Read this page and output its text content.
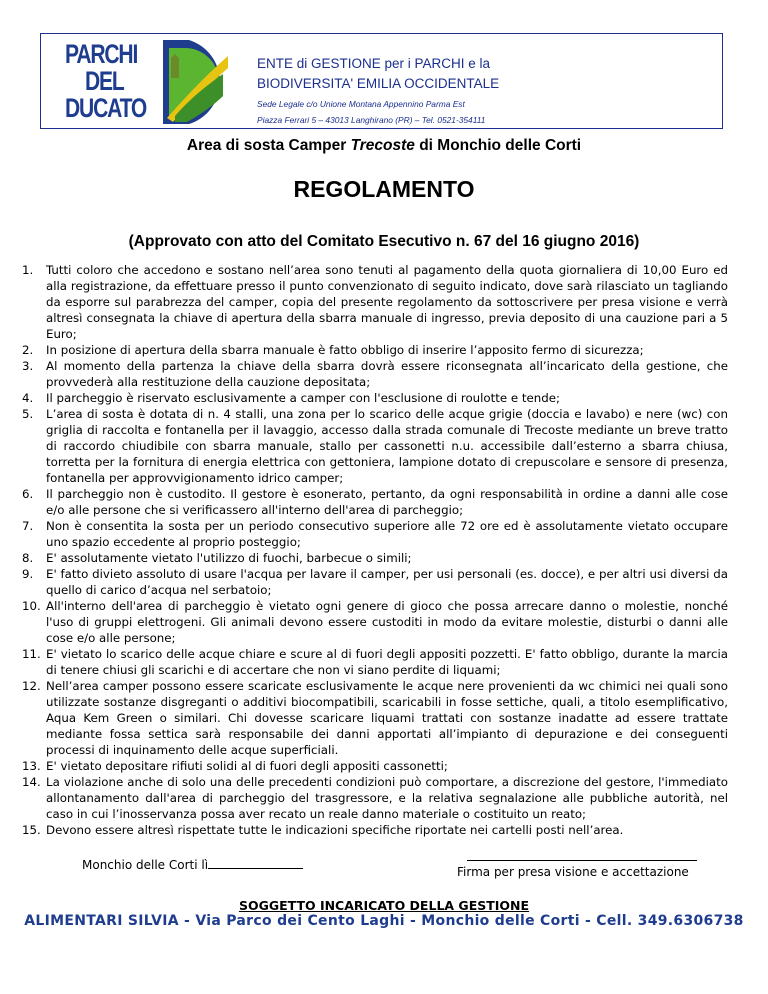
PARCHI
DEL
DUCATO
ENTE di GESTIONE per i PARCHI e la
BIODIVERSITA' EMILIA OCCIDENTALE
Sede Legale c/o Unione Montana Appennino Parma Est
Piazza Ferrari 5 – 43013 Langhirano (PR) – Tel. 0521-354111
Area di sosta Camper Trecoste di Monchio delle Corti
REGOLAMENTO
(Approvato con atto del Comitato Esecutivo n. 67 del 16 giugno 2016)
1. Tutti coloro che accedono e sostano nell’area sono tenuti al pagamento della quota giornaliera di 10,00 Euro ed alla registrazione, da effettuare presso il punto convenzionato di seguito indicato, dove sarà rilasciato un tagliando da esporre sul parabrezza del camper, copia del presente regolamento da sottoscrivere per presa visione e verrà altresì consegnata la chiave di apertura della sbarra manuale di ingresso, previa deposito di una cauzione pari a 5 Euro;
2. In posizione di apertura della sbarra manuale è fatto obbligo di inserire l’apposito fermo di sicurezza;
3. Al momento della partenza la chiave della sbarra dovrà essere riconsegnata all’incaricato della gestione, che provvederà alla restituzione della cauzione depositata;
4. Il parcheggio è riservato esclusivamente a camper con l'esclusione di roulotte e tende;
5. L’area di sosta è dotata di n. 4 stalli, una zona per lo scarico delle acque grigie (doccia e lavabo) e nere (wc) con griglia di raccolta e fontanella per il lavaggio, accesso dalla strada comunale di Trecoste mediante un breve tratto di raccordo chiudibile con sbarra manuale, stallo per cassonetti n.u. accessibile dall’esterno a sbarra chiusa, torretta per la fornitura di energia elettrica con gettoniera, lampione dotato di crepuscolare e sensore di presenza, fontanella per approvvigionamento idrico camper;
6. Il parcheggio non è custodito. Il gestore è esonerato, pertanto, da ogni responsabilità in ordine a danni alle cose e/o alle persone che si verificassero all'interno dell'area di parcheggio;
7. Non è consentita la sosta per un periodo consecutivo superiore alle 72 ore ed è assolutamente vietato occupare uno spazio eccedente al proprio posteggio;
8. E' assolutamente vietato l'utilizzo di fuochi, barbecue o simili;
9. E' fatto divieto assoluto di usare l'acqua per lavare il camper, per usi personali (es. docce), e per altri usi diversi da quello di carico d’acqua nel serbatoio;
10. All'interno dell'area di parcheggio è vietato ogni genere di gioco che possa arrecare danno o molestie, nonché l'uso di gruppi elettrogeni. Gli animali devono essere custoditi in modo da evitare molestie, disturbi o danni alle cose e/o alle persone;
11. E' vietato lo scarico delle acque chiare e scure al di fuori degli appositi pozzetti. E' fatto obbligo, durante la marcia di tenere chiusi gli scarichi e di accertare che non vi siano perdite di liquami;
12. Nell’area camper possono essere scaricate esclusivamente le acque nere provenienti da wc chimici nei quali sono utilizzate sostanze disgreganti o additivi biocompatibili, scaricabili in fosse settiche, quali, a titolo esemplificativo, Aqua Kem Green o similari. Chi dovesse scaricare liquami trattati con sostanze inadatte ad essere trattate mediante fossa settica sarà responsabile dei danni apportati all’impianto di depurazione e dei conseguenti processi di inquinamento delle acque superficiali.
13. E' vietato depositare rifiuti solidi al di fuori degli appositi cassonetti;
14. La violazione anche di solo una delle precedenti condizioni può comportare, a discrezione del gestore, l'immediato allontanamento dall'area di parcheggio del trasgressore, e la relativa segnalazione alle pubbliche autorità, nel caso in cui l’inosservanza possa aver recato un reale danno materiale o costituito un reato;
15. Devono essere altresì rispettate tutte le indicazioni specifiche riportate nei cartelli posti nell’area.
Monchio delle Corti lì	Firma per presa visione e accettazione
SOGGETTO INCARICATO DELLA GESTIONE
ALIMENTARI SILVIA - Via Parco dei Cento Laghi - Monchio delle Corti - Cell. 349.6306738
